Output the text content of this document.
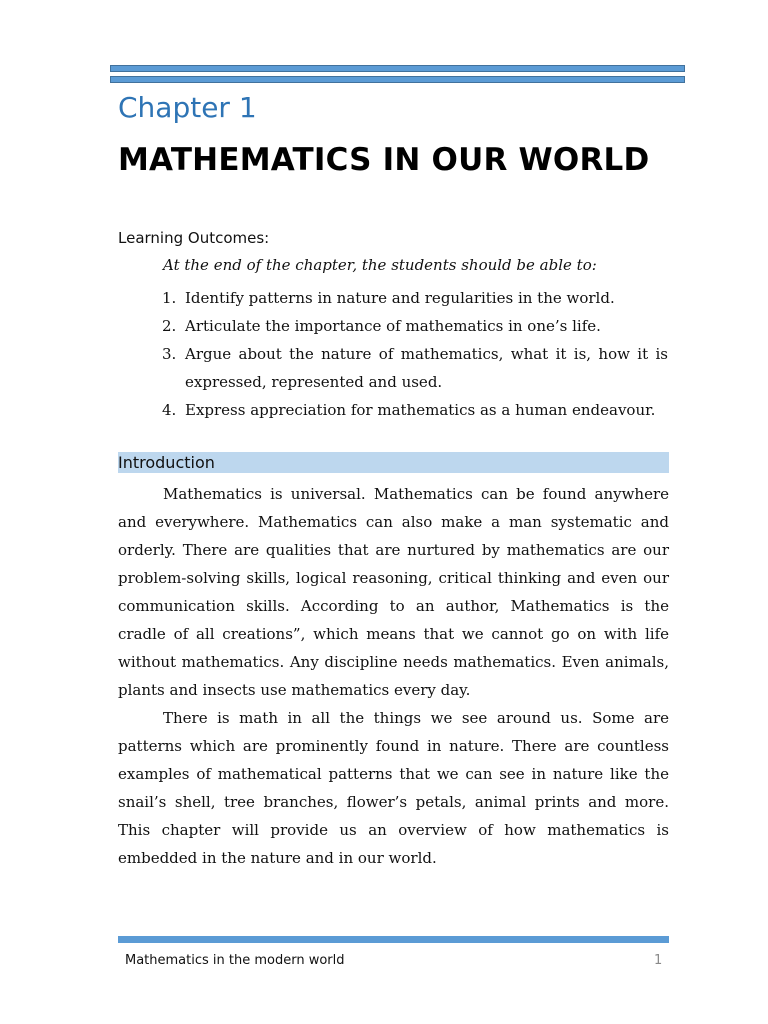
Chapter 1
MATHEMATICS IN OUR WORLD
Learning Outcomes:
At the end of the chapter, the students should be able to:
1. Identify patterns in nature and regularities in the world.
2. Articulate the importance of mathematics in one’s life.
3. Argue about the nature of mathematics, what it is, how it is expressed, represented and used.
4. Express appreciation for mathematics as a human endeavour.
Introduction

Mathematics is universal. Mathematics can be found anywhere and everywhere. Mathematics can also make a man systematic and orderly. There are qualities that are nurtured by mathematics are our problem-solving skills, logical reasoning, critical thinking and even our communication skills. According to an author, Mathematics is the cradle of all creations”, which means that we cannot go on with life without mathematics. Any discipline needs mathematics. Even animals, plants and insects use mathematics every day.

There is math in all the things we see around us. Some are patterns which are prominently found in nature. There are countless examples of mathematical patterns that we can see in nature like the snail’s shell, tree branches, flower’s petals, animal prints and more. This chapter will provide us an overview of how mathematics is embedded in the nature and in our world.

Mathematics in the modern world	1
